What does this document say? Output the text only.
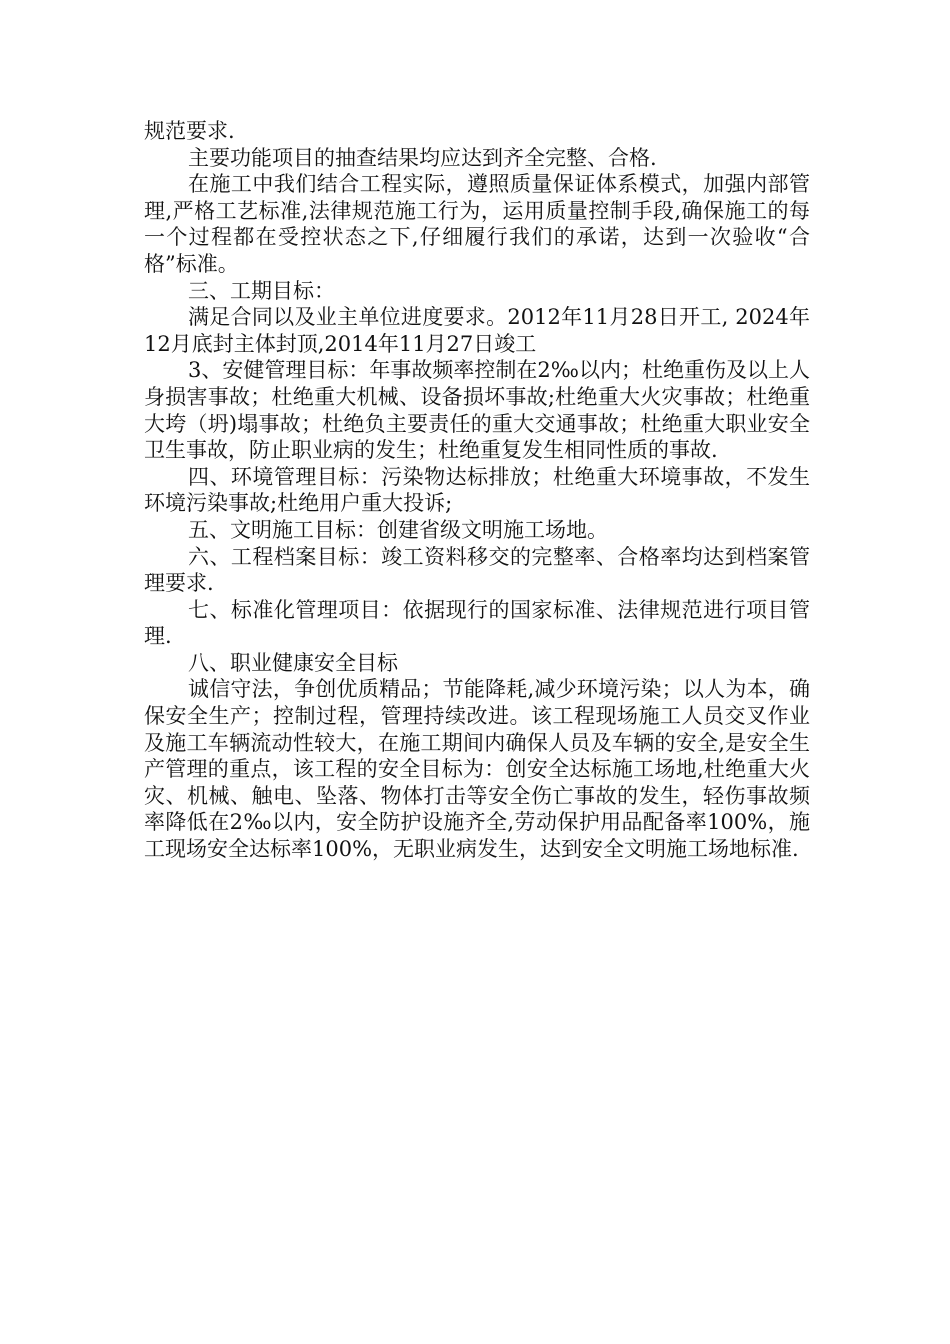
规范要求.

主要功能项目的抽查结果均应达到齐全完整、合格.

在施工中我们结合工程实际，遵照质量保证体系模式，加强内部管理,严格工艺标准,法律规范施工行为，运用质量控制手段,确保施工的每一个过程都在受控状态之下,仔细履行我们的承诺，达到一次验收“合格”标准。

三、工期目标：

满足合同以及业主单位进度要求。2012年11月28日开工, 2024年12月底封主体封顶,2014年11月27日竣工

3、安健管理目标：年事故频率控制在2‰以内；杜绝重伤及以上人身损害事故；杜绝重大机械、设备损坏事故;杜绝重大火灾事故；杜绝重大垮（坍)塌事故；杜绝负主要责任的重大交通事故；杜绝重大职业安全卫生事故，防止职业病的发生；杜绝重复发生相同性质的事故.

四、环境管理目标：污染物达标排放；杜绝重大环境事故，不发生环境污染事故;杜绝用户重大投诉;

五、文明施工目标：创建省级文明施工场地。

六、工程档案目标：竣工资料移交的完整率、合格率均达到档案管理要求.

七、标准化管理项目：依据现行的国家标准、法律规范进行项目管理.

八、职业健康安全目标

诚信守法，争创优质精品；节能降耗,减少环境污染；以人为本，确保安全生产；控制过程，管理持续改进。该工程现场施工人员交叉作业及施工车辆流动性较大，在施工期间内确保人员及车辆的安全,是安全生产管理的重点，该工程的安全目标为：创安全达标施工场地,杜绝重大火灾、机械、触电、坠落、物体打击等安全伤亡事故的发生，轻伤事故频率降低在2‰以内，安全防护设施齐全,劳动保护用品配备率100%，施工现场安全达标率100%，无职业病发生，达到安全文明施工场地标准.
